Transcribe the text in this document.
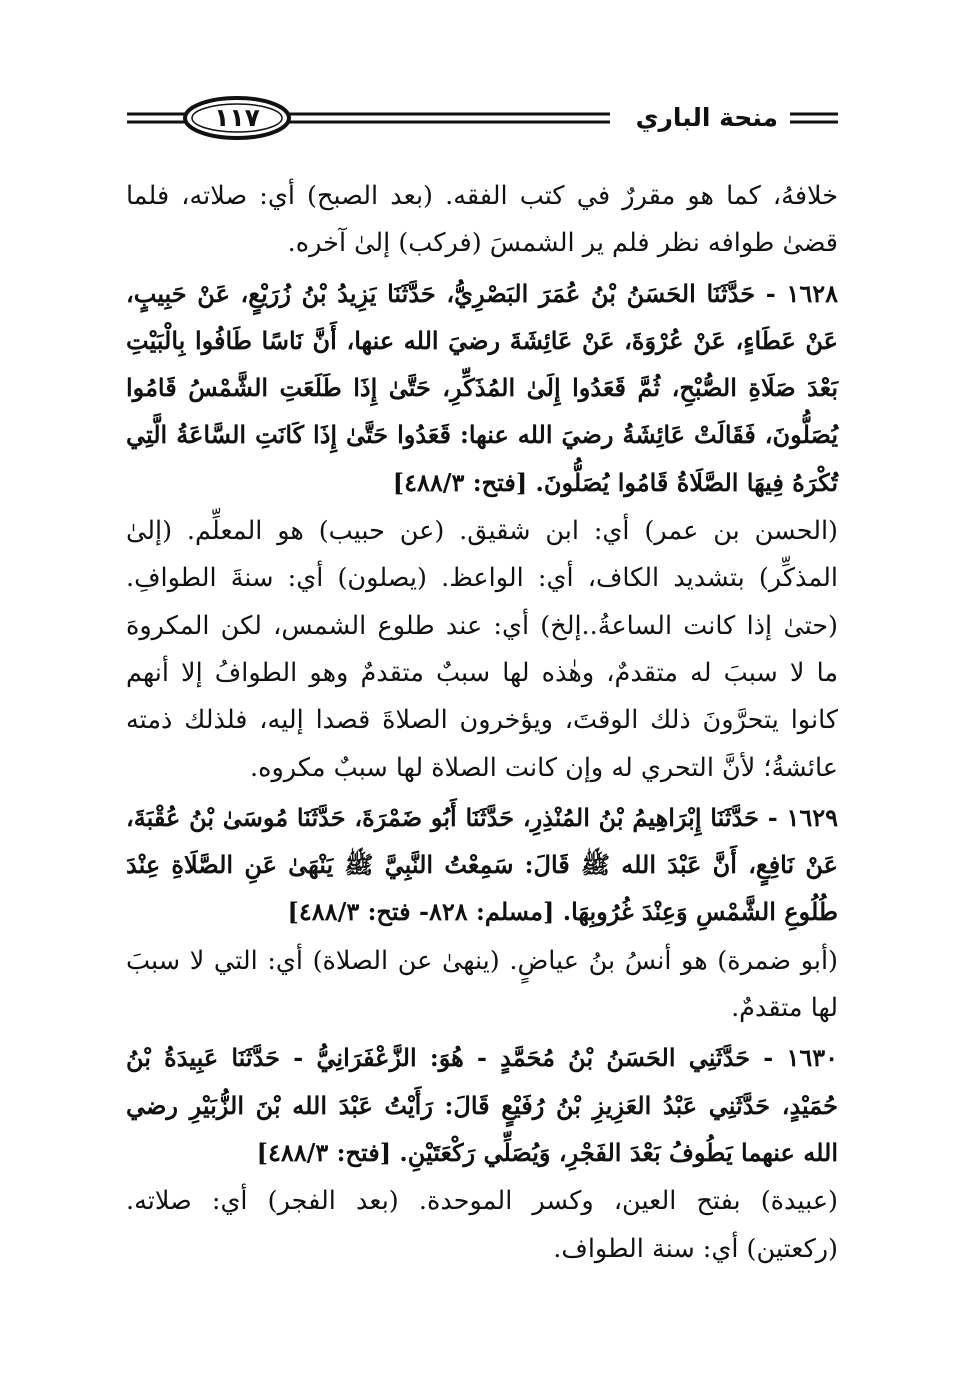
١١٧	منحة الباري

خلافهُ، كما هو مقررٌ في كتب الفقه. (بعد الصبح) أي: صلاته، فلما قضىٰ طوافه نظر فلم ير الشمسَ (فركب) إلىٰ آخره.

١٦٢٨ - حَدَّثَنَا الحَسَنُ بْنُ عُمَرَ البَصْرِيُّ، حَدَّثَنَا يَزِيدُ بْنُ زُرَيْعٍ، عَنْ حَبِيبٍ، عَنْ عَطَاءٍ، عَنْ عُرْوَةَ، عَنْ عَائِشَةَ رضيَ الله عنها، أَنَّ نَاسًا طَافُوا بِالْبَيْتِ بَعْدَ صَلَاةِ الصُّبْحِ، ثُمَّ قَعَدُوا إِلَىٰ المُذَكِّرِ، حَتَّىٰ إِذَا طَلَعَتِ الشَّمْسُ قَامُوا يُصَلُّونَ، فَقَالَتْ عَائِشَةُ رضيَ الله عنها: قَعَدُوا حَتَّىٰ إِذَا كَانَتِ السَّاعَةُ الَّتِي تُكْرَهُ فِيهَا الصَّلَاةُ قَامُوا يُصَلُّونَ. [فتح: ٤٨٨/٣]

(الحسن بن عمر) أي: ابن شقيق. (عن حبيب) هو المعلِّم. (إلىٰ المذكِّر) بتشديد الكاف، أي: الواعظ. (يصلون) أي: سنةَ الطوافِ. (حتىٰ إذا كانت الساعةُ..إلخ) أي: عند طلوع الشمس، لكن المكروهَ ما لا سببَ له متقدمٌ، وهٰذه لها سببٌ متقدمٌ وهو الطوافُ إلا أنهم كانوا يتحرَّونَ ذلك الوقتَ، ويؤخرون الصلاةَ قصدا إليه، فلذلك ذمته عائشةُ؛ لأنَّ التحري له وإن كانت الصلاة لها سببٌ مكروه.

١٦٢٩ - حَدَّثَنَا إِبْرَاهِيمُ بْنُ المُنْذِرِ، حَدَّثَنَا أَبُو ضَمْرَةَ، حَدَّثَنَا مُوسَىٰ بْنُ عُقْبَةَ، عَنْ نَافِعٍ، أَنَّ عَبْدَ الله ﷺ قَالَ: سَمِعْتُ النَّبِيَّ ﷺ يَنْهَىٰ عَنِ الصَّلَاةِ عِنْدَ طُلُوعِ الشَّمْسِ وَعِنْدَ غُرُوبِهَا. [مسلم: ٨٢٨- فتح: ٤٨٨/٣]

(أبو ضمرة) هو أنسُ بنُ عياضٍ. (ينهىٰ عن الصلاة) أي: التي لا سببَ لها متقدمٌ.

١٦٣٠ - حَدَّثَنِي الحَسَنُ بْنُ مُحَمَّدٍ - هُوَ: الزَّعْفَرَانِيُّ - حَدَّثَنَا عَبِيدَةُ بْنُ حُمَيْدٍ، حَدَّثَنِي عَبْدُ العَزِيزِ بْنُ رُفَيْعٍ قَالَ: رَأَيْتُ عَبْدَ الله بْنَ الزُّبَيْرِ رضي الله عنهما يَطُوفُ بَعْدَ الفَجْرِ، وَيُصَلِّي رَكْعَتَيْنِ. [فتح: ٤٨٨/٣]

(عبيدة) بفتح العين، وكسر الموحدة. (بعد الفجر) أي: صلاته. (ركعتين) أي: سنة الطواف.
